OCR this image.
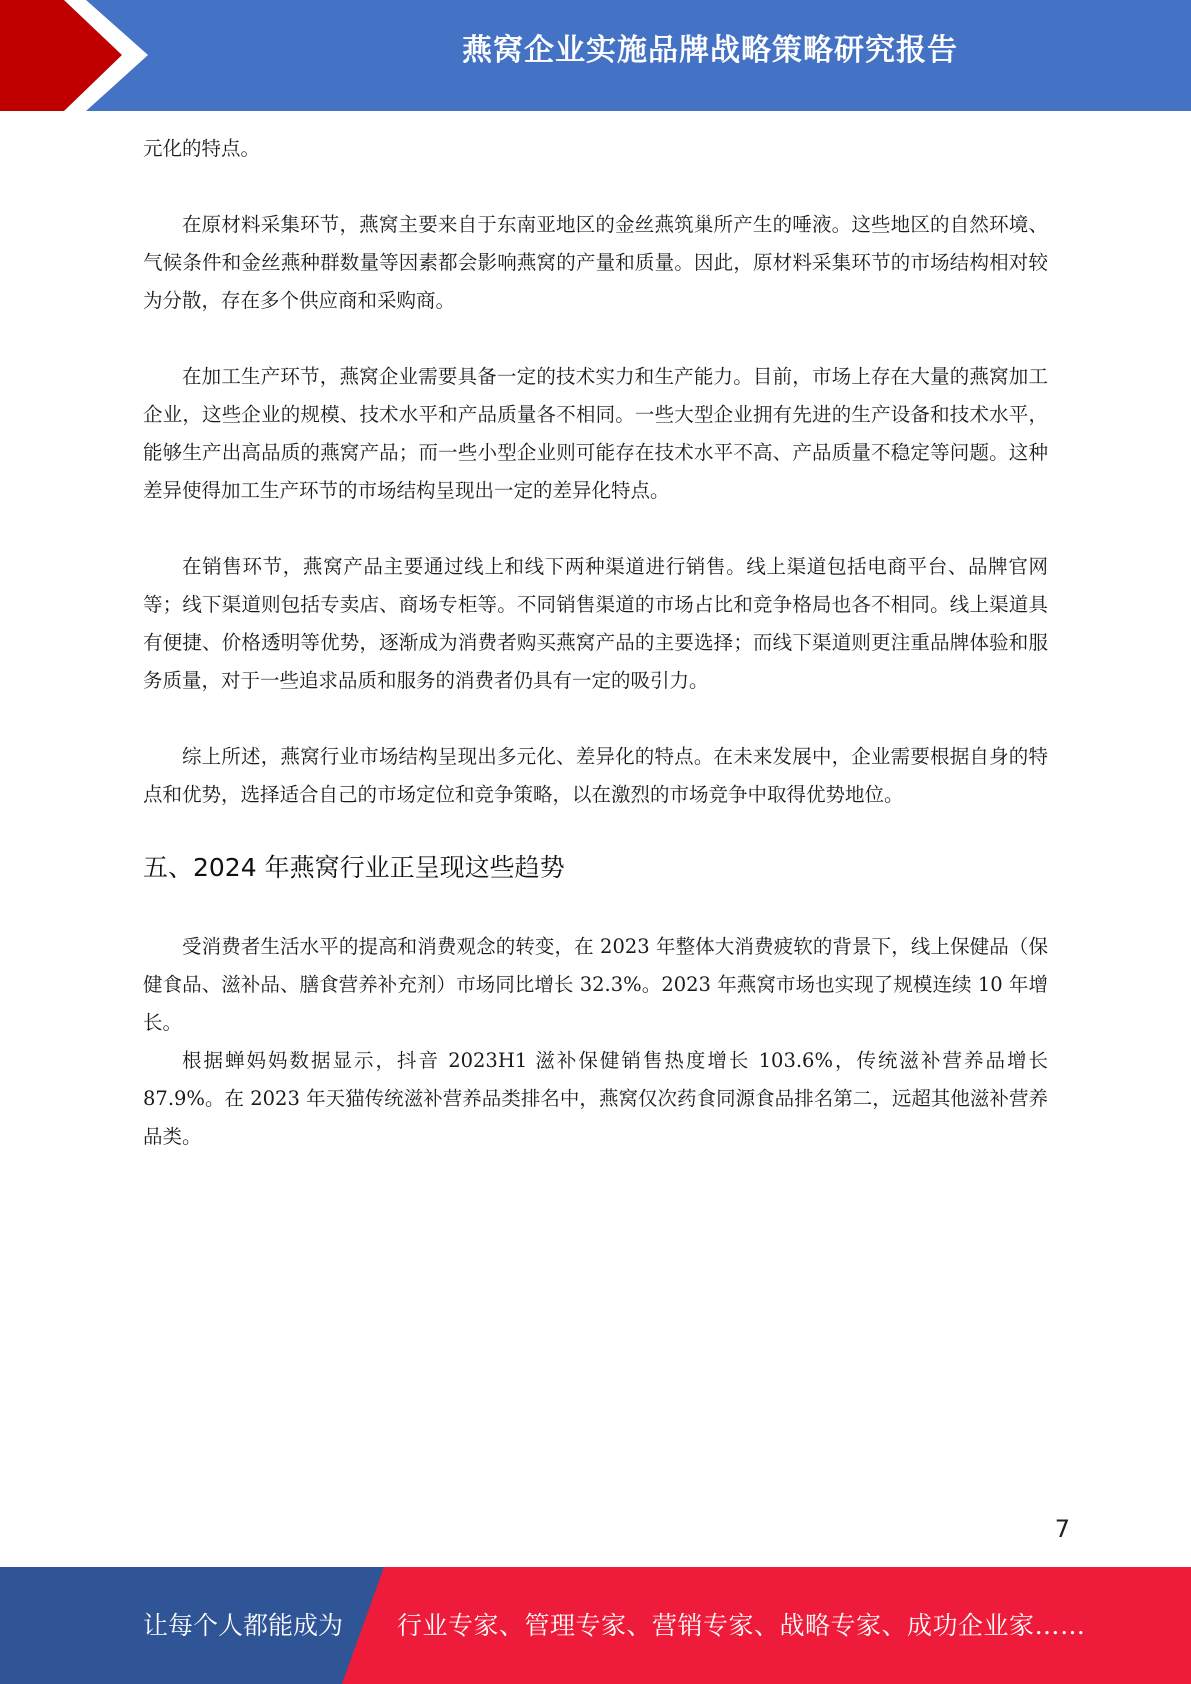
燕窝企业实施品牌战略策略研究报告

元化的特点。

在原材料采集环节，燕窝主要来自于东南亚地区的金丝燕筑巢所产生的唾液。这些地区的自然环境、气候条件和金丝燕种群数量等因素都会影响燕窝的产量和质量。因此，原材料采集环节的市场结构相对较为分散，存在多个供应商和采购商。

在加工生产环节，燕窝企业需要具备一定的技术实力和生产能力。目前，市场上存在大量的燕窝加工企业，这些企业的规模、技术水平和产品质量各不相同。一些大型企业拥有先进的生产设备和技术水平，能够生产出高品质的燕窝产品；而一些小型企业则可能存在技术水平不高、产品质量不稳定等问题。这种差异使得加工生产环节的市场结构呈现出一定的差异化特点。

在销售环节，燕窝产品主要通过线上和线下两种渠道进行销售。线上渠道包括电商平台、品牌官网等；线下渠道则包括专卖店、商场专柜等。不同销售渠道的市场占比和竞争格局也各不相同。线上渠道具有便捷、价格透明等优势，逐渐成为消费者购买燕窝产品的主要选择；而线下渠道则更注重品牌体验和服务质量，对于一些追求品质和服务的消费者仍具有一定的吸引力。

综上所述，燕窝行业市场结构呈现出多元化、差异化的特点。在未来发展中，企业需要根据自身的特点和优势，选择适合自己的市场定位和竞争策略，以在激烈的市场竞争中取得优势地位。

五、2024 年燕窝行业正呈现这些趋势

受消费者生活水平的提高和消费观念的转变，在 2023 年整体大消费疲软的背景下，线上保健品（保健食品、滋补品、膳食营养补充剂）市场同比增长 32.3%。2023 年燕窝市场也实现了规模连续 10 年增长。

根据蝉妈妈数据显示，抖音 2023H1 滋补保健销售热度增长 103.6%，传统滋补营养品增长 87.9%。在 2023 年天猫传统滋补营养品类排名中，燕窝仅次药食同源食品排名第二，远超其他滋补营养品类。

7
让每个人都能成为 行业专家、管理专家、营销专家、战略专家、成功企业家……
